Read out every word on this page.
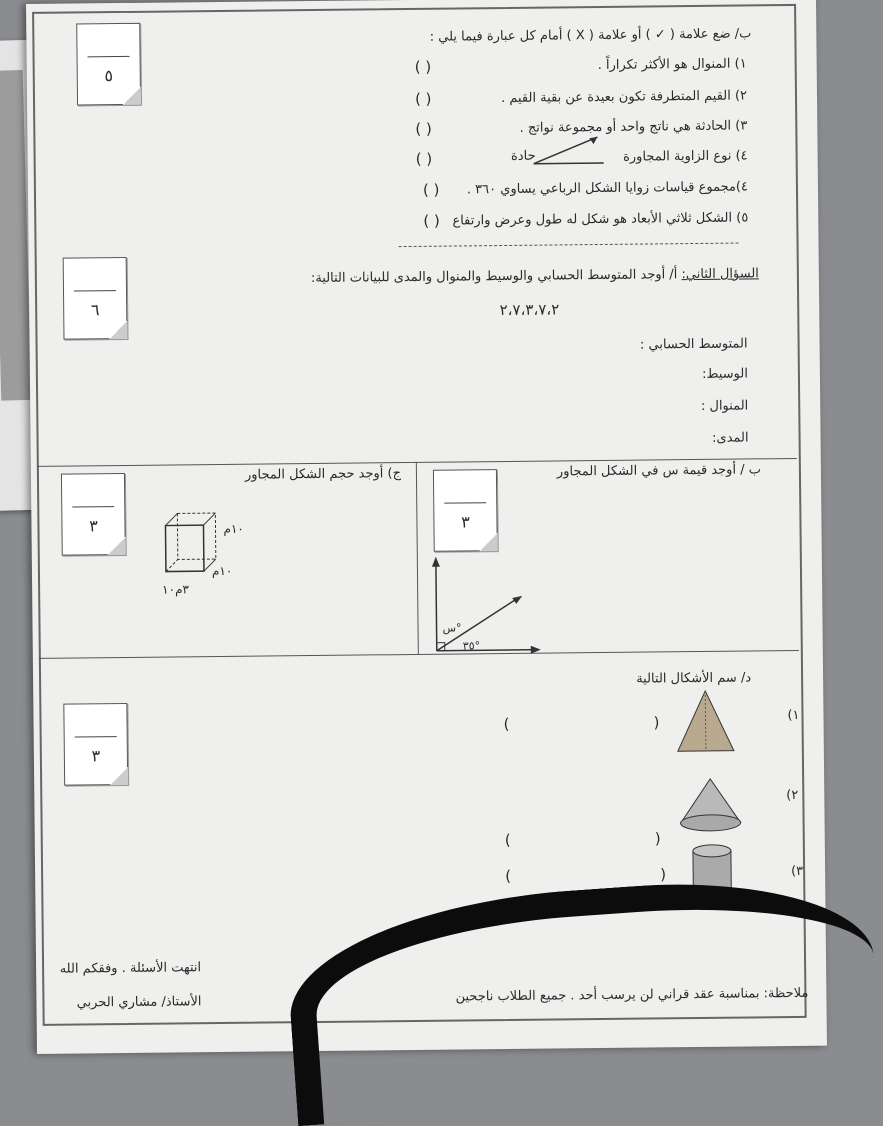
٥
ب/ ضع علامة ( ✓ ) أو علامة ( X ) أمام كل عبارة فيما يلي :
١) المنوال هو الأكثر تكراراً .
( )
٢) القيم المتطرفة تكون بعيدة عن بقية القيم .
( )
٣) الحادثة هي ناتج واحد أو مجموعة نواتج .
( )
٤) نوع الزاوية المجاورة
حادة
( )
٤)مجموع قياسات زوايا الشكل الرباعي يساوي ٣٦٠ .
( )
٥) الشكل ثلاثي الأبعاد هو شكل له طول وعرض وارتفاع
( )
٦
السؤال الثاني: أ/ أوجد المتوسط الحسابي والوسيط والمنوال والمدى للبيانات التالية:
٢،٧،٣،٧،٢
المتوسط الحسابي :
الوسيط:
المنوال :
المدى:
ب / أوجد قيمة س في الشكل المجاور
٣
س°
٣٥°
ج) أوجد حجم الشكل المجاور
٣	١٠م
١٠م
٣م١٠
د/ سم الأشكال التالية
٣
١)
(	)
٢)
(	)
٣)
(	)
انتهت الأسئلة . وفقكم الله
الأستاذ/ مشاري الحربي	ملاحظة: بمناسبة عقد قراني لن يرسب أحد . جميع الطلاب ناجحين
